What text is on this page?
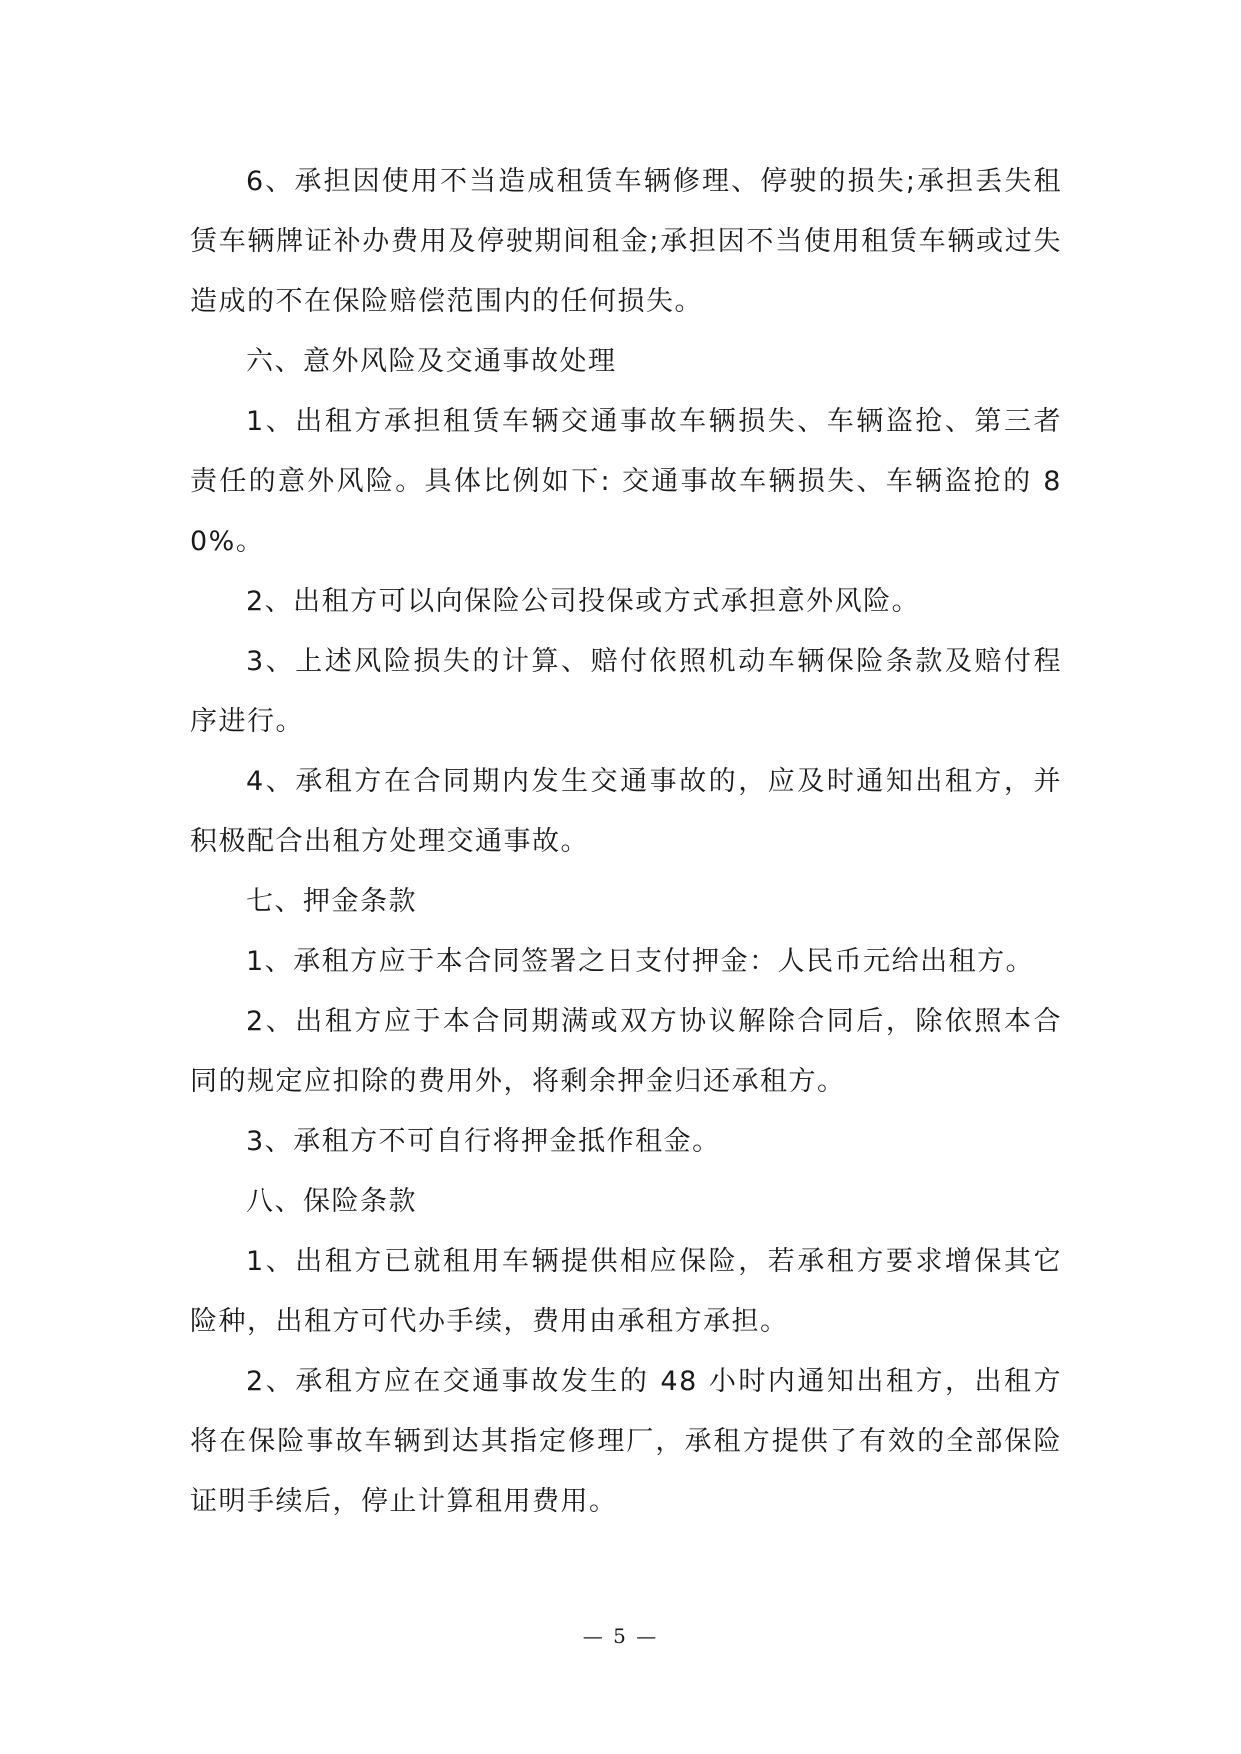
6、承担因使用不当造成租赁车辆修理、停驶的损失;承担丢失租赁车辆牌证补办费用及停驶期间租金;承担因不当使用租赁车辆或过失造成的不在保险赔偿范围内的任何损失。

六、意外风险及交通事故处理

1、出租方承担租赁车辆交通事故车辆损失、车辆盗抢、第三者责任的意外风险。具体比例如下: 交通事故车辆损失、车辆盗抢的 80%。

2、出租方可以向保险公司投保或方式承担意外风险。

3、上述风险损失的计算、赔付依照机动车辆保险条款及赔付程序进行。

4、承租方在合同期内发生交通事故的，应及时通知出租方，并积极配合出租方处理交通事故。

七、押金条款

1、承租方应于本合同签署之日支付押金：人民币元给出租方。

2、出租方应于本合同期满或双方协议解除合同后，除依照本合同的规定应扣除的费用外，将剩余押金归还承租方。

3、承租方不可自行将押金抵作租金。

八、保险条款

1、出租方已就租用车辆提供相应保险，若承租方要求增保其它险种，出租方可代办手续，费用由承租方承担。

2、承租方应在交通事故发生的 48 小时内通知出租方，出租方将在保险事故车辆到达其指定修理厂，承租方提供了有效的全部保险证明手续后，停止计算租用费用。

— 5 —
